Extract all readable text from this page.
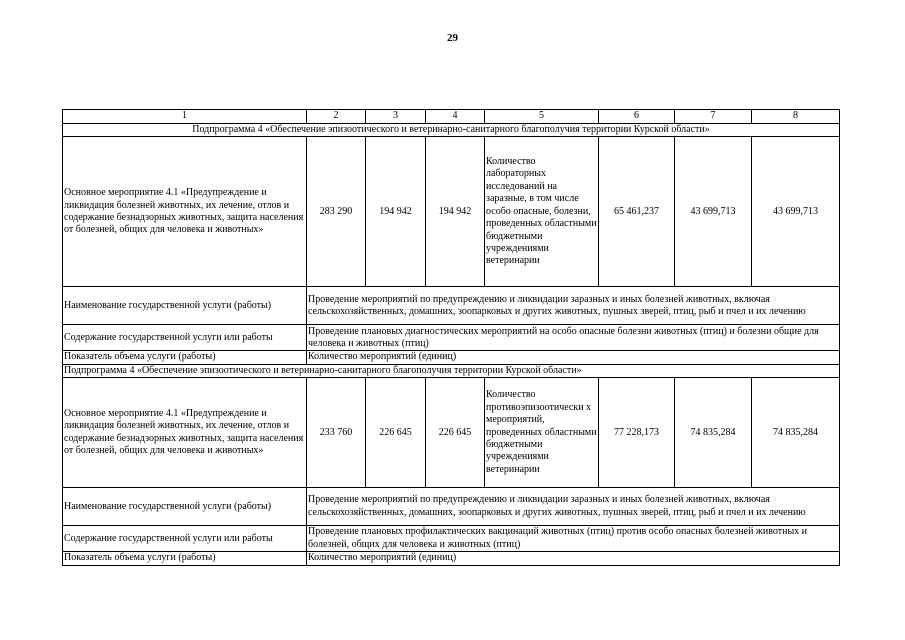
29
1	2	3	4	5	6	7	8
Подпрограмма 4 «Обеспечение эпизоотического и ветеринарно-санитарного благополучия территории Курской области»							
Основное мероприятие 4.1 «Предупреждение и ликвидация болезней животных, их лечение, отлов и содержание безнадзорных животных, защита населения от болезней, общих для человека и животных»	283 290	194 942	194 942	Количество лабораторных исследований на заразные, в том числе особо опасные, болезни, проведенных областными бюджетными учреждениями ветеринарии	65 461,237	43 699,713	43 699,713
Наименование государственной услуги (работы)	Проведение мероприятий по предупреждению и ликвидации заразных и иных болезней животных, включая сельскохозяйственных, домашних, зоопарковых и других животных, пушных зверей, птиц, рыб и пчел и их лечению						
Содержание государственной услуги или работы	Проведение плановых диагностических мероприятий на особо опасные болезни животных (птиц) и болезни общие для человека и животных (птиц)						
Показатель объема услуги (работы)	Количество мероприятий (единиц)						
Подпрограмма 4 «Обеспечение эпизоотического и ветеринарно-санитарного благополучия территории Курской области»							
Основное мероприятие 4.1 «Предупреждение и ликвидация болезней животных, их лечение, отлов и содержание безнадзорных животных, защита населения от болезней, общих для человека и животных»	233 760	226 645	226 645	Количество противоэпизоотически х мероприятий, проведенных областными бюджетными учреждениями ветеринарии	77 228,173	74 835,284	74 835,284
Наименование государственной услуги (работы)	Проведение мероприятий по предупреждению и ликвидации заразных и иных болезней животных, включая сельскохозяйственных, домашних, зоопарковых и других животных, пушных зверей, птиц, рыб и пчел и их лечению						
Содержание государственной услуги или работы	Проведение плановых профилактических вакцинаций животных (птиц) против особо опасных болезней животных и болезней, общих для человека и животных (птиц)						
Показатель объема услуги (работы)	Количество мероприятий (единиц)						
